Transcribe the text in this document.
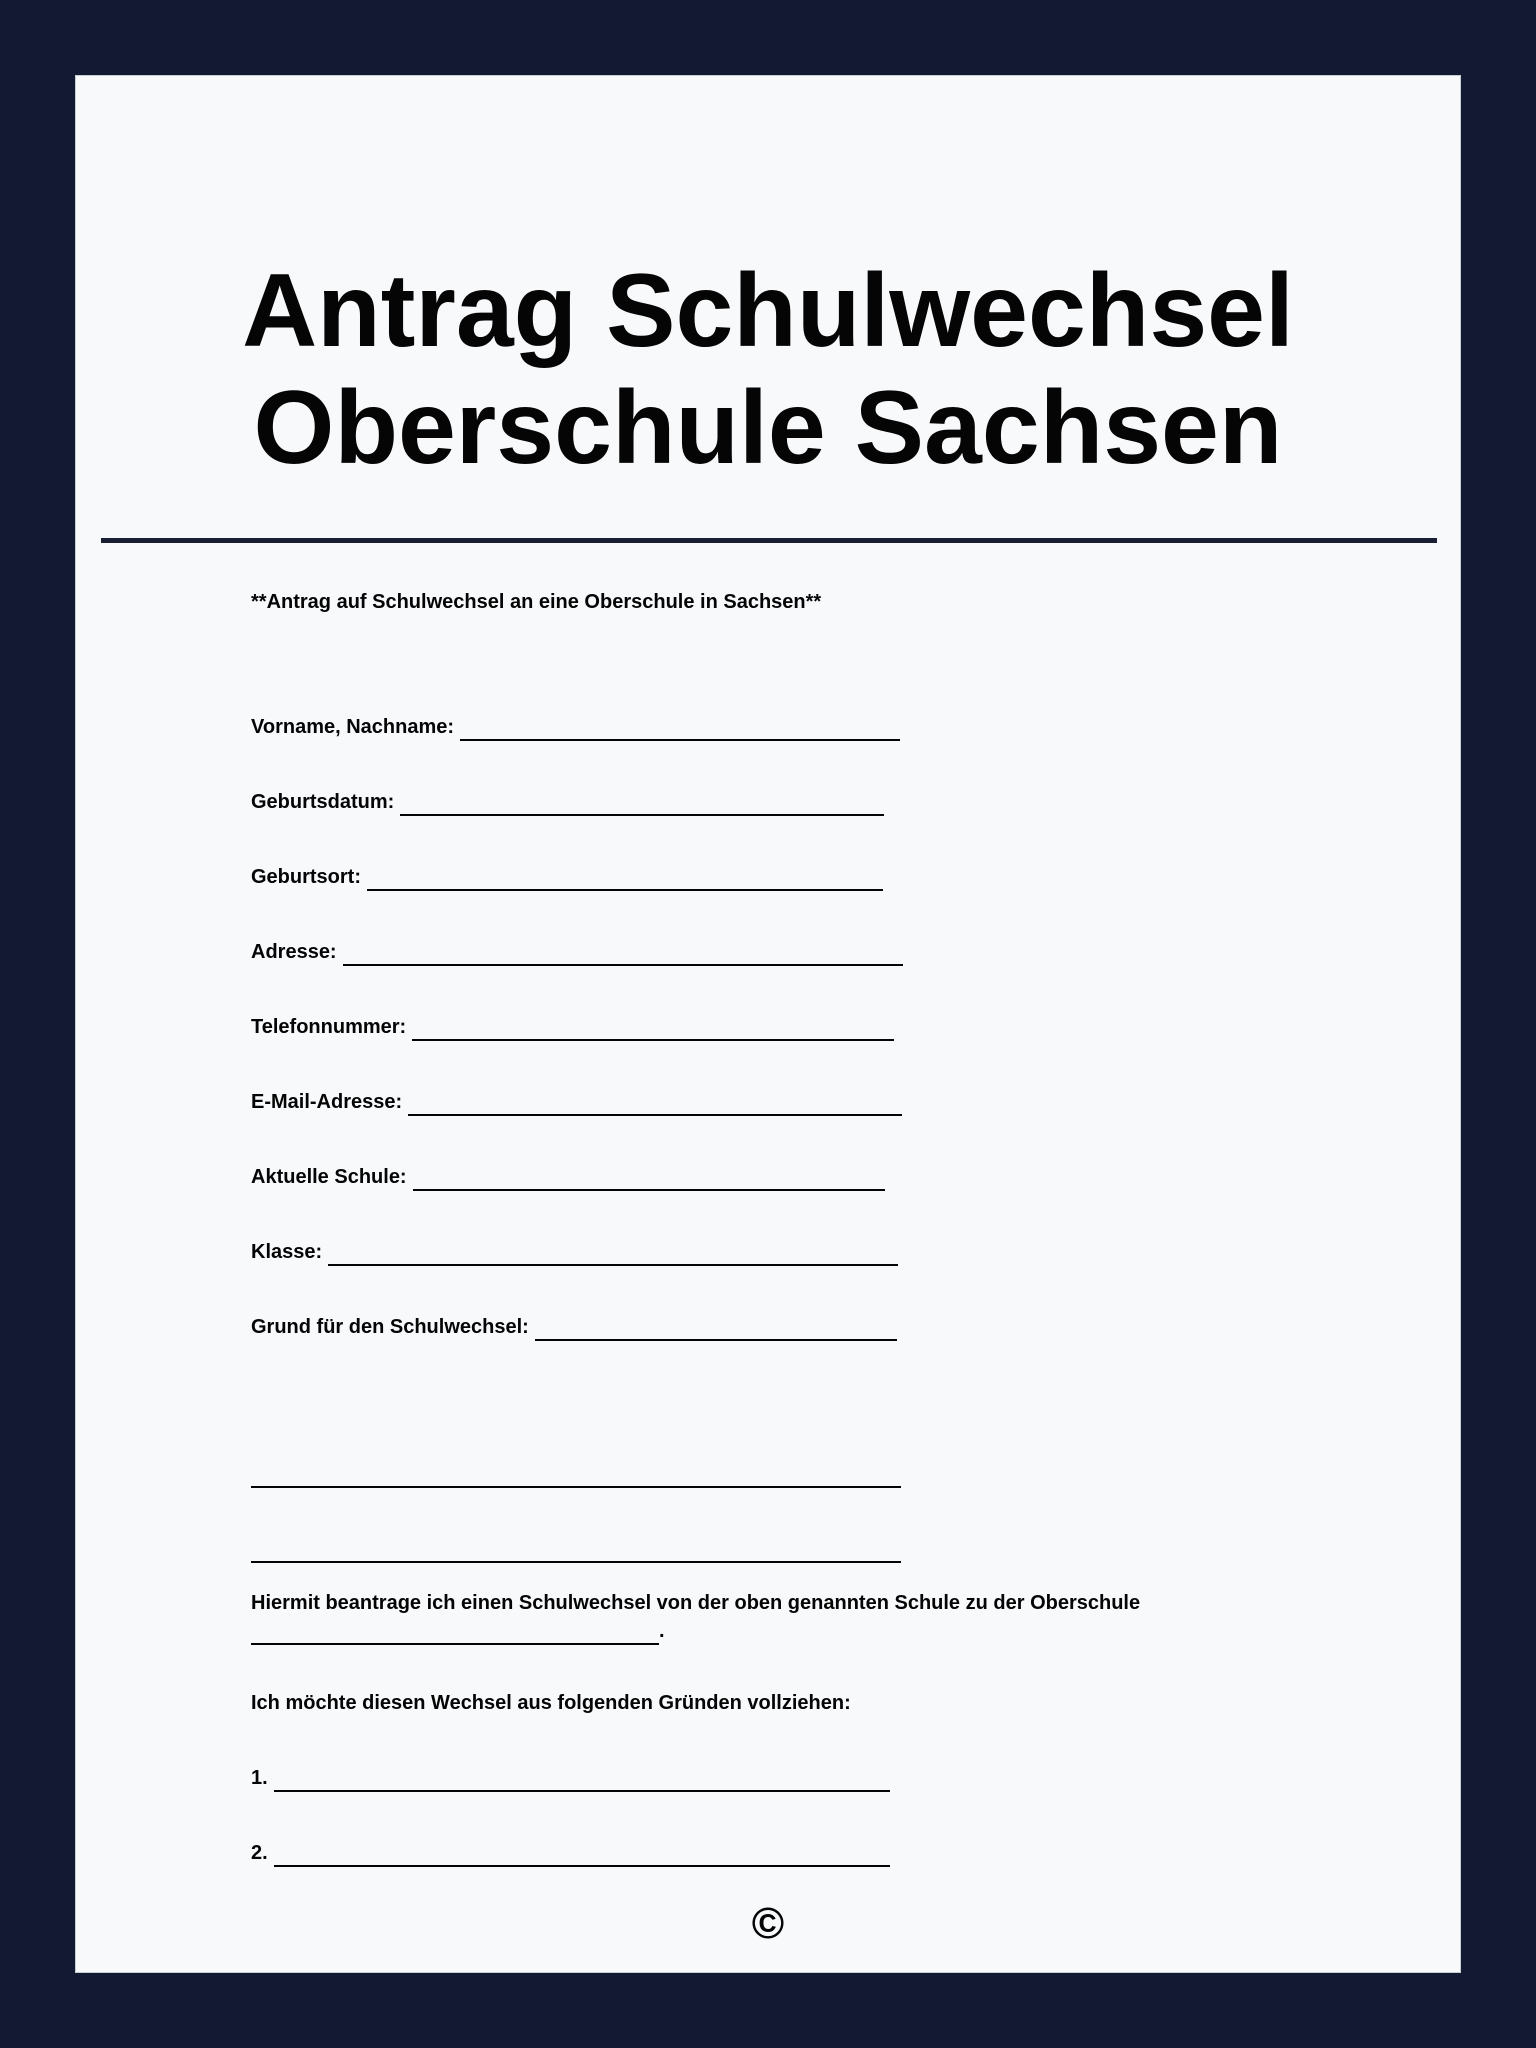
Antrag Schulwechsel
Oberschule Sachsen
**Antrag auf Schulwechsel an eine Oberschule in Sachsen**
Vorname, Nachname:
Geburtsdatum:
Geburtsort:
Adresse:
Telefonnummer:
E-Mail-Adresse:
Aktuelle Schule:
Klasse:
Grund für den Schulwechsel:
Hiermit beantrage ich einen Schulwechsel von der oben genannten Schule zu der Oberschule
.
Ich möchte diesen Wechsel aus folgenden Gründen vollziehen:
1.
2.
©
